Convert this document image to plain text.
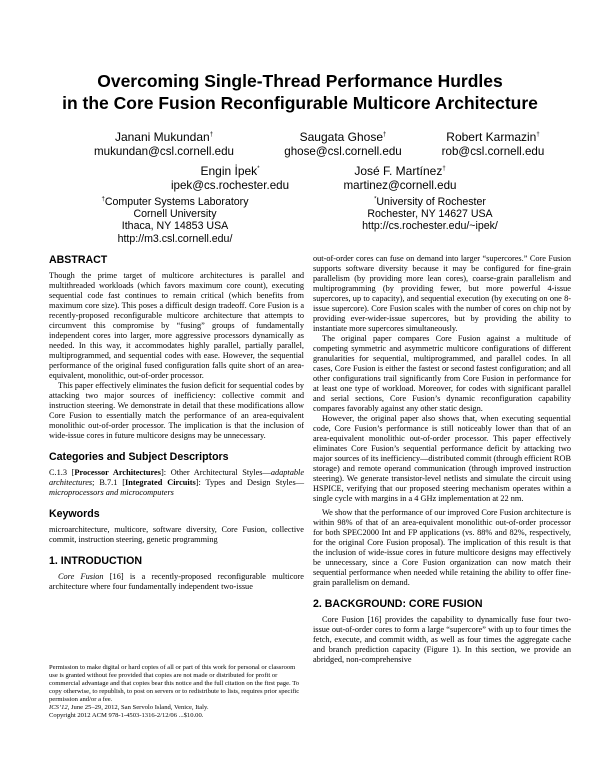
Overcoming Single-Thread Performance Hurdles
in the Core Fusion Reconfigurable Multicore Architecture
Janani Mukundan†
mukundan@csl.cornell.edu
Saugata Ghose†
ghose@csl.cornell.edu
Robert Karmazin†
rob@csl.cornell.edu
Engin İpek*
ipek@cs.rochester.edu
José F. Martínez†
martinez@cornell.edu
†Computer Systems Laboratory
Cornell University
Ithaca, NY 14853 USA
http://m3.csl.cornell.edu/
*University of Rochester
Rochester, NY 14627 USA
http://cs.rochester.edu/~ipek/
ABSTRACT

Though the prime target of multicore architectures is parallel and multithreaded workloads (which favors maximum core count), executing sequential code fast continues to remain critical (which benefits from maximum core size). This poses a difficult design tradeoff. Core Fusion is a recently-proposed reconfigurable multicore architecture that attempts to circumvent this compromise by “fusing” groups of fundamentally independent cores into larger, more aggressive processors dynamically as needed. In this way, it accommodates highly parallel, partially parallel, multiprogrammed, and sequential codes with ease. However, the sequential performance of the original fused configuration falls quite short of an area-equivalent, monolithic, out-of-order processor.

This paper effectively eliminates the fusion deficit for sequential codes by attacking two major sources of inefficiency: collective commit and instruction steering. We demonstrate in detail that these modifications allow Core Fusion to essentially match the performance of an area-equivalent monolithic out-of-order processor. The implication is that the inclusion of wide-issue cores in future multicore designs may be unnecessary.

Categories and Subject Descriptors

C.1.3 [Processor Architectures]: Other Architectural Styles—adaptable architectures; B.7.1 [Integrated Circuits]: Types and Design Styles—microprocessors and microcomputers

Keywords

microarchitecture, multicore, software diversity, Core Fusion, collective commit, instruction steering, genetic programming

1. INTRODUCTION

Core Fusion [16] is a recently-proposed reconfigurable multicore architecture where four fundamentally independent two-issue

Permission to make digital or hard copies of all or part of this work for personal or classroom use is granted without fee provided that copies are not made or distributed for profit or commercial advantage and that copies bear this notice and the full citation on the first page. To copy otherwise, to republish, to post on servers or to redistribute to lists, requires prior specific permission and/or a fee.

ICS’12, June 25–29, 2012, San Servolo Island, Venice, Italy.

Copyright 2012 ACM 978-1-4503-1316-2/12/06 ...$10.00.

out-of-order cores can fuse on demand into larger “supercores.” Core Fusion supports software diversity because it may be configured for fine-grain parallelism (by providing more lean cores), coarse-grain parallelism and multiprogramming (by providing fewer, but more powerful 4-issue supercores, up to capacity), and sequential execution (by executing on one 8-issue supercore). Core Fusion scales with the number of cores on chip not by providing ever-wider-issue supercores, but by providing the ability to instantiate more supercores simultaneously.

The original paper compares Core Fusion against a multitude of competing symmetric and asymmetric multicore configurations of different granularities for sequential, multiprogrammed, and parallel codes. In all cases, Core Fusion is either the fastest or second fastest configuration; and all other configurations trail significantly from Core Fusion in performance for at least one type of workload. Moreover, for codes with significant parallel and serial sections, Core Fusion’s dynamic reconfiguration capability compares favorably against any other static design.

However, the original paper also shows that, when executing sequential code, Core Fusion’s performance is still noticeably lower than that of an area-equivalent monolithic out-of-order processor. This paper effectively eliminates Core Fusion’s sequential performance deficit by attacking two major sources of its inefficiency—distributed commit (through efficient ROB storage) and remote operand communication (through improved instruction steering). We generate transistor-level netlists and simulate the circuit using HSPICE, verifying that our proposed steering mechanism operates within a single cycle with margins in a 4 GHz implementation at 22 nm.

We show that the performance of our improved Core Fusion architecture is within 98% of that of an area-equivalent monolithic out-of-order processor for both SPEC2000 Int and FP applications (vs. 88% and 82%, respectively, for the original Core Fusion proposal). The implication of this result is that the inclusion of wide-issue cores in future multicore designs may effectively be unnecessary, since a Core Fusion organization can now match their sequential performance when needed while retaining the ability to offer fine-grain parallelism on demand.

2. BACKGROUND: CORE FUSION

Core Fusion [16] provides the capability to dynamically fuse four two-issue out-of-order cores to form a large “supercore” with up to four times the fetch, execute, and commit width, as well as four times the aggregate cache and branch prediction capacity (Figure 1). In this section, we provide an abridged, non-comprehensive
